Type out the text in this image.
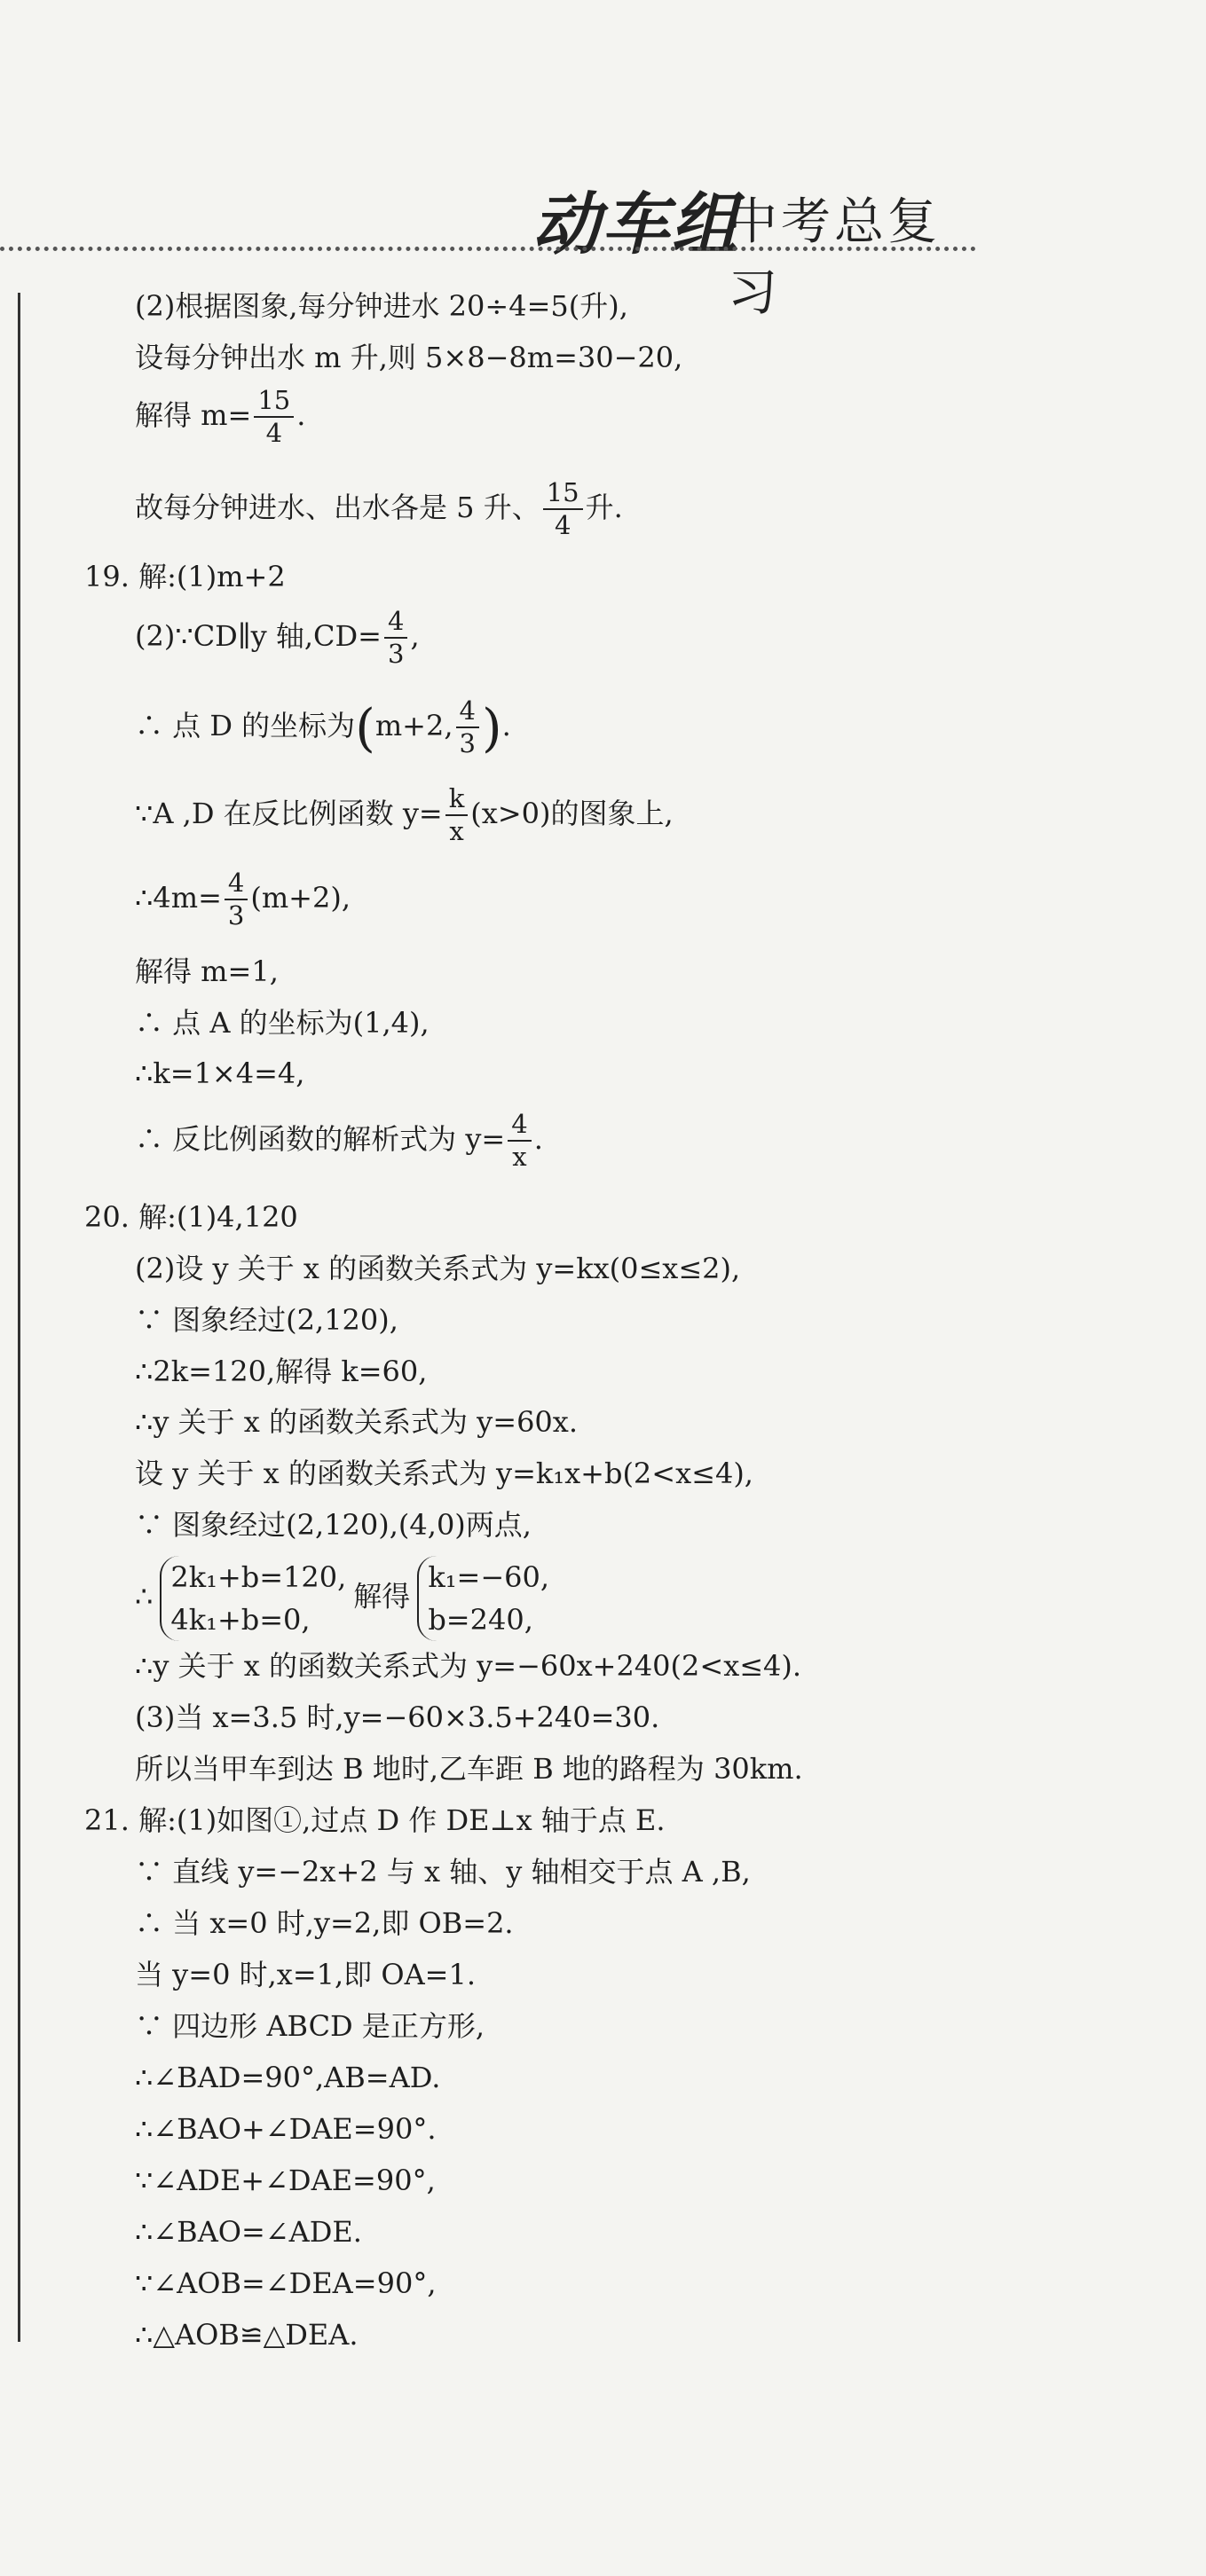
动车组
中考总复习
(2)根据图象,每分钟进水 20÷4=5(升),
设每分钟出水 m 升,则 5×8−8m=30−20,
解得 $m= \frac{15}{4}$ .
故每分钟进水、出水各是 5 升、 $\frac{15}{4}$ 升.
19. 解:(1)m+2
(2)∵CD∥y 轴$,CD= \frac{4}{3}$ ,
∴ 点 D 的坐标为(m+2, $\frac{4}{3}$ ).
∵A ,D 在反比例函数 $y= \frac{k}{x} (x>0)$的图象上,
∴4m= $\frac{4}{3} (m+2)$,
解得 m=1,
∴ 点 A 的坐标为(1,4),
∴k=1×4=4,
∴ 反比例函数的解析式为 $y= \frac{4}{x}$ .
20. 解:(1)4,120
(2)设 y 关于 x 的函数关系式为 y=kx(0≤x≤2),
∵ 图象经过(2,120),
∴2k=120,解得 k=60,
∴y 关于 x 的函数关系式为 y=60x.
设 y 关于 x 的函数关系式为 y=k₁x+b(2<x≤4),
∵ 图象经过(2,120),(4,0)两点,
∴
2k₁+b=120,
4k₁+b=0,
解得
k₁=−60,
b=240,
∴y 关于 x 的函数关系式为 y=−60x+240(2<x≤4).
(3)当 x=3.5 时,y=−60×3.5+240=30.
所以当甲车到达 B 地时,乙车距 B 地的路程为 30km.
21. 解:(1)如图①,过点 D 作 DE⊥x 轴于点 E.
∵ 直线 y=−2x+2 与 x 轴、y 轴相交于点 A ,B,
∴ 当 x=0 时,y=2,即 OB=2.
当 y=0 时,x=1,即 OA=1.
∵ 四边形 ABCD 是正方形,
∴∠BAD=90°,AB=AD.
∴∠BAO+∠DAE=90°.
∵∠ADE+∠DAE=90°,
∴∠BAO=∠ADE.
∵∠AOB=∠DEA=90°,
∴△AOB≌△DEA.
